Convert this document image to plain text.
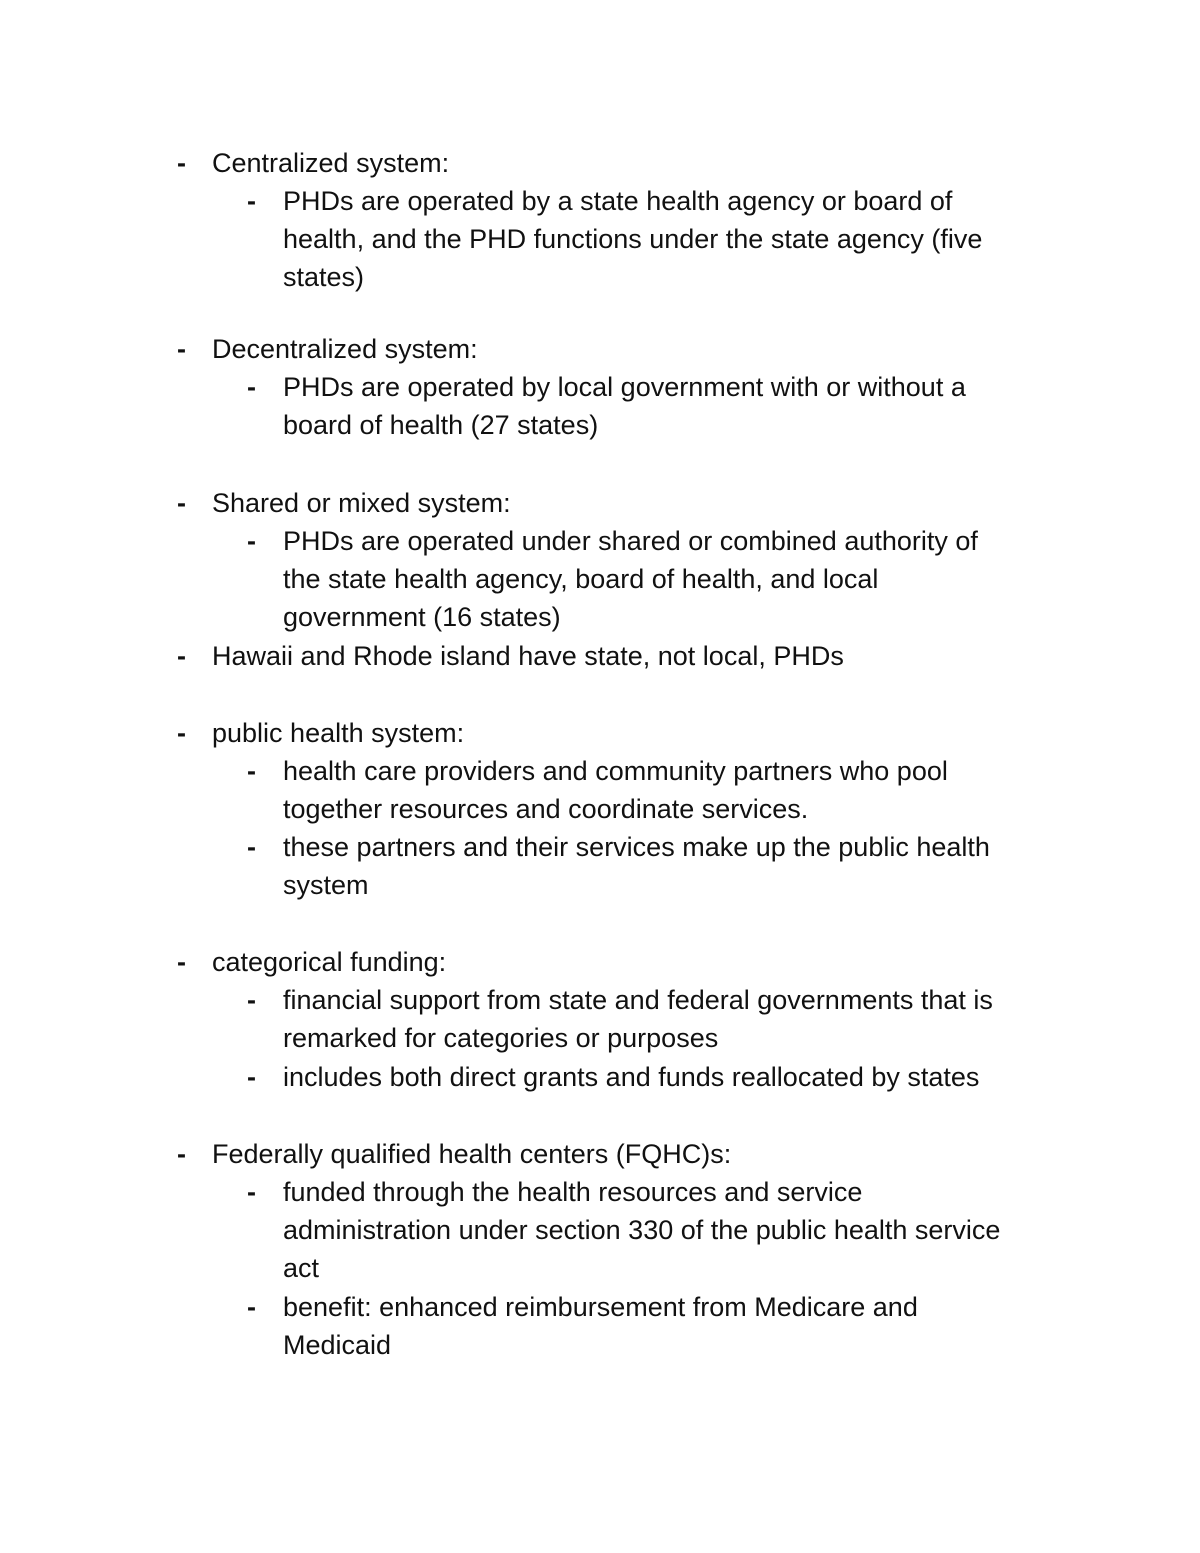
- Centralized system:
- PHDs are operated by a state health agency or board of
health, and the PHD functions under the state agency (five
states)
- Decentralized system:
- PHDs are operated by local government with or without a
board of health (27 states)
- Shared or mixed system:
- PHDs are operated under shared or combined authority of
the state health agency, board of health, and local
government (16 states)
- Hawaii and Rhode island have state, not local, PHDs
- public health system:
- health care providers and community partners who pool
together resources and coordinate services.
- these partners and their services make up the public health
system
- categorical funding:
- financial support from state and federal governments that is
remarked for categories or purposes
- includes both direct grants and funds reallocated by states
- Federally qualified health centers (FQHC)s:
- funded through the health resources and service
administration under section 330 of the public health service
act
- benefit: enhanced reimbursement from Medicare and
Medicaid
